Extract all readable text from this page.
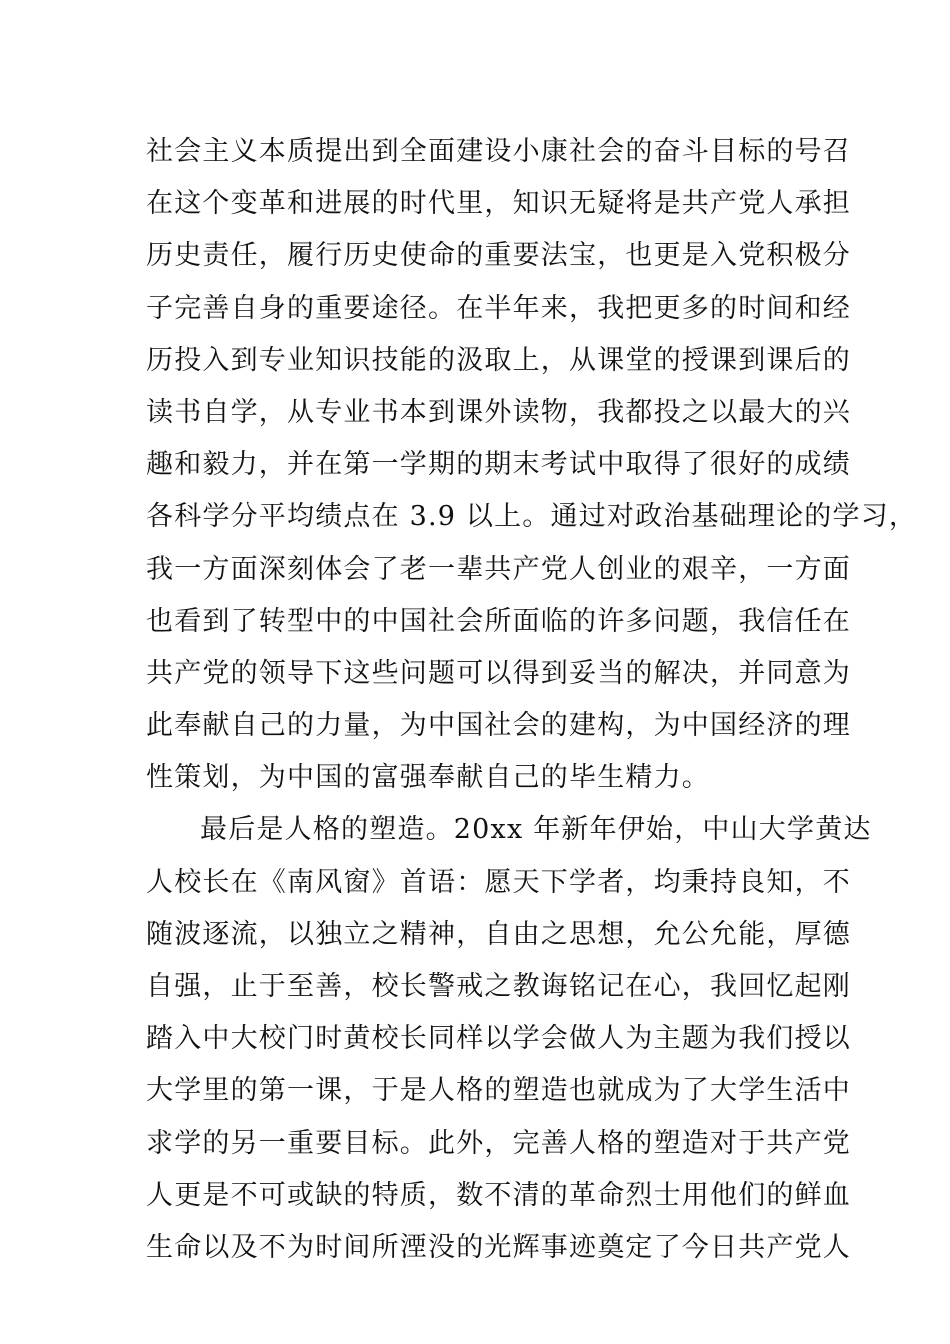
社会主义本质提出到全面建设小康社会的奋斗目标的号召
在这个变革和进展的时代里，知识无疑将是共产党人承担
历史责任，履行历史使命的重要法宝，也更是入党积极分
子完善自身的重要途径。在半年来，我把更多的时间和经
历投入到专业知识技能的汲取上，从课堂的授课到课后的
读书自学，从专业书本到课外读物，我都投之以最大的兴
趣和毅力，并在第一学期的期末考试中取得了很好的成绩
各科学分平均绩点在 3.9 以上。通过对政治基础理论的学习，
我一方面深刻体会了老一辈共产党人创业的艰辛，一方面
也看到了转型中的中国社会所面临的许多问题，我信任在
共产党的领导下这些问题可以得到妥当的解决，并同意为
此奉献自己的力量，为中国社会的建构，为中国经济的理
性策划，为中国的富强奉献自己的毕生精力。
最后是人格的塑造。20xx 年新年伊始，中山大学黄达
人校长在《南风窗》首语：愿天下学者，均秉持良知，不
随波逐流，以独立之精神，自由之思想，允公允能，厚德
自强，止于至善，校长警戒之教诲铭记在心，我回忆起刚
踏入中大校门时黄校长同样以学会做人为主题为我们授以
大学里的第一课，于是人格的塑造也就成为了大学生活中
求学的另一重要目标。此外，完善人格的塑造对于共产党
人更是不可或缺的特质，数不清的革命烈士用他们的鲜血
生命以及不为时间所湮没的光辉事迹奠定了今日共产党人
